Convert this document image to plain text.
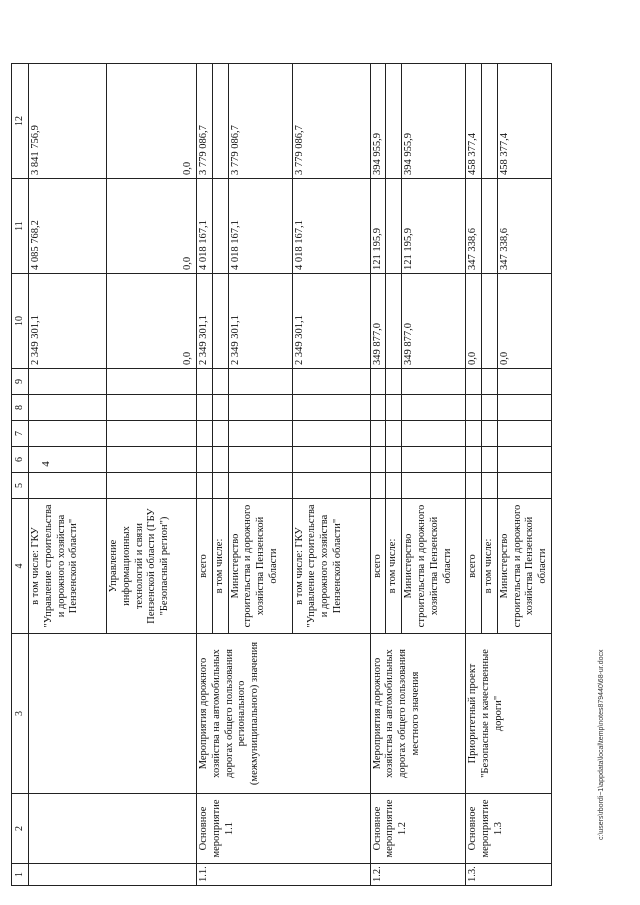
4
1	2	3	4	5	6	7	8	9	10	11	12
			в том числе: ГКУ "Управление строительства и дорожного хозяйства Пензенской области"						2 349 301,1	4 085 768,2	3 841 756,9
			Управление информационных технологий и связи Пензенской области (ГБУ "Безопасный регион")						0,0	0,0	0,0
1.1.	Основное мероприятие 1.1	Мероприятия дорожного хозяйства на автомобильных дорогах общего пользования регионального (межмуниципального) значения	всего						2 349 301,1	4 018 167,1	3 779 086,7
			в том числе:								
			Министерство строительства и дорожного хозяйства Пензенской области						2 349 301,1	4 018 167,1	3 779 086,7
			в том числе: ГКУ "Управление строительства и дорожного хозяйства Пензенской области"						2 349 301,1	4 018 167,1	3 779 086,7
1.2.	Основное мероприятие 1.2	Мероприятия дорожного хозяйства на автомобильных дорогах общего пользования местного значения	всего						349 877,0	121 195,9	394 955,9
			в том числе:								
			Министерство строительства и дорожного хозяйства Пензенской области						349 877,0	121 195,9	394 955,9
1.3.	Основное мероприятие 1.3	Приоритетный проект "Безопасные и качественные дороги"	всего						0,0	347 338,6	458 377,4
			в том числе:								
			Министерство строительства и дорожного хозяйства Пензенской области						0,0	347 338,6	458 377,4
c:\users\rbordi~1\appdata\local\temp\notes879440\68-ur.docx
